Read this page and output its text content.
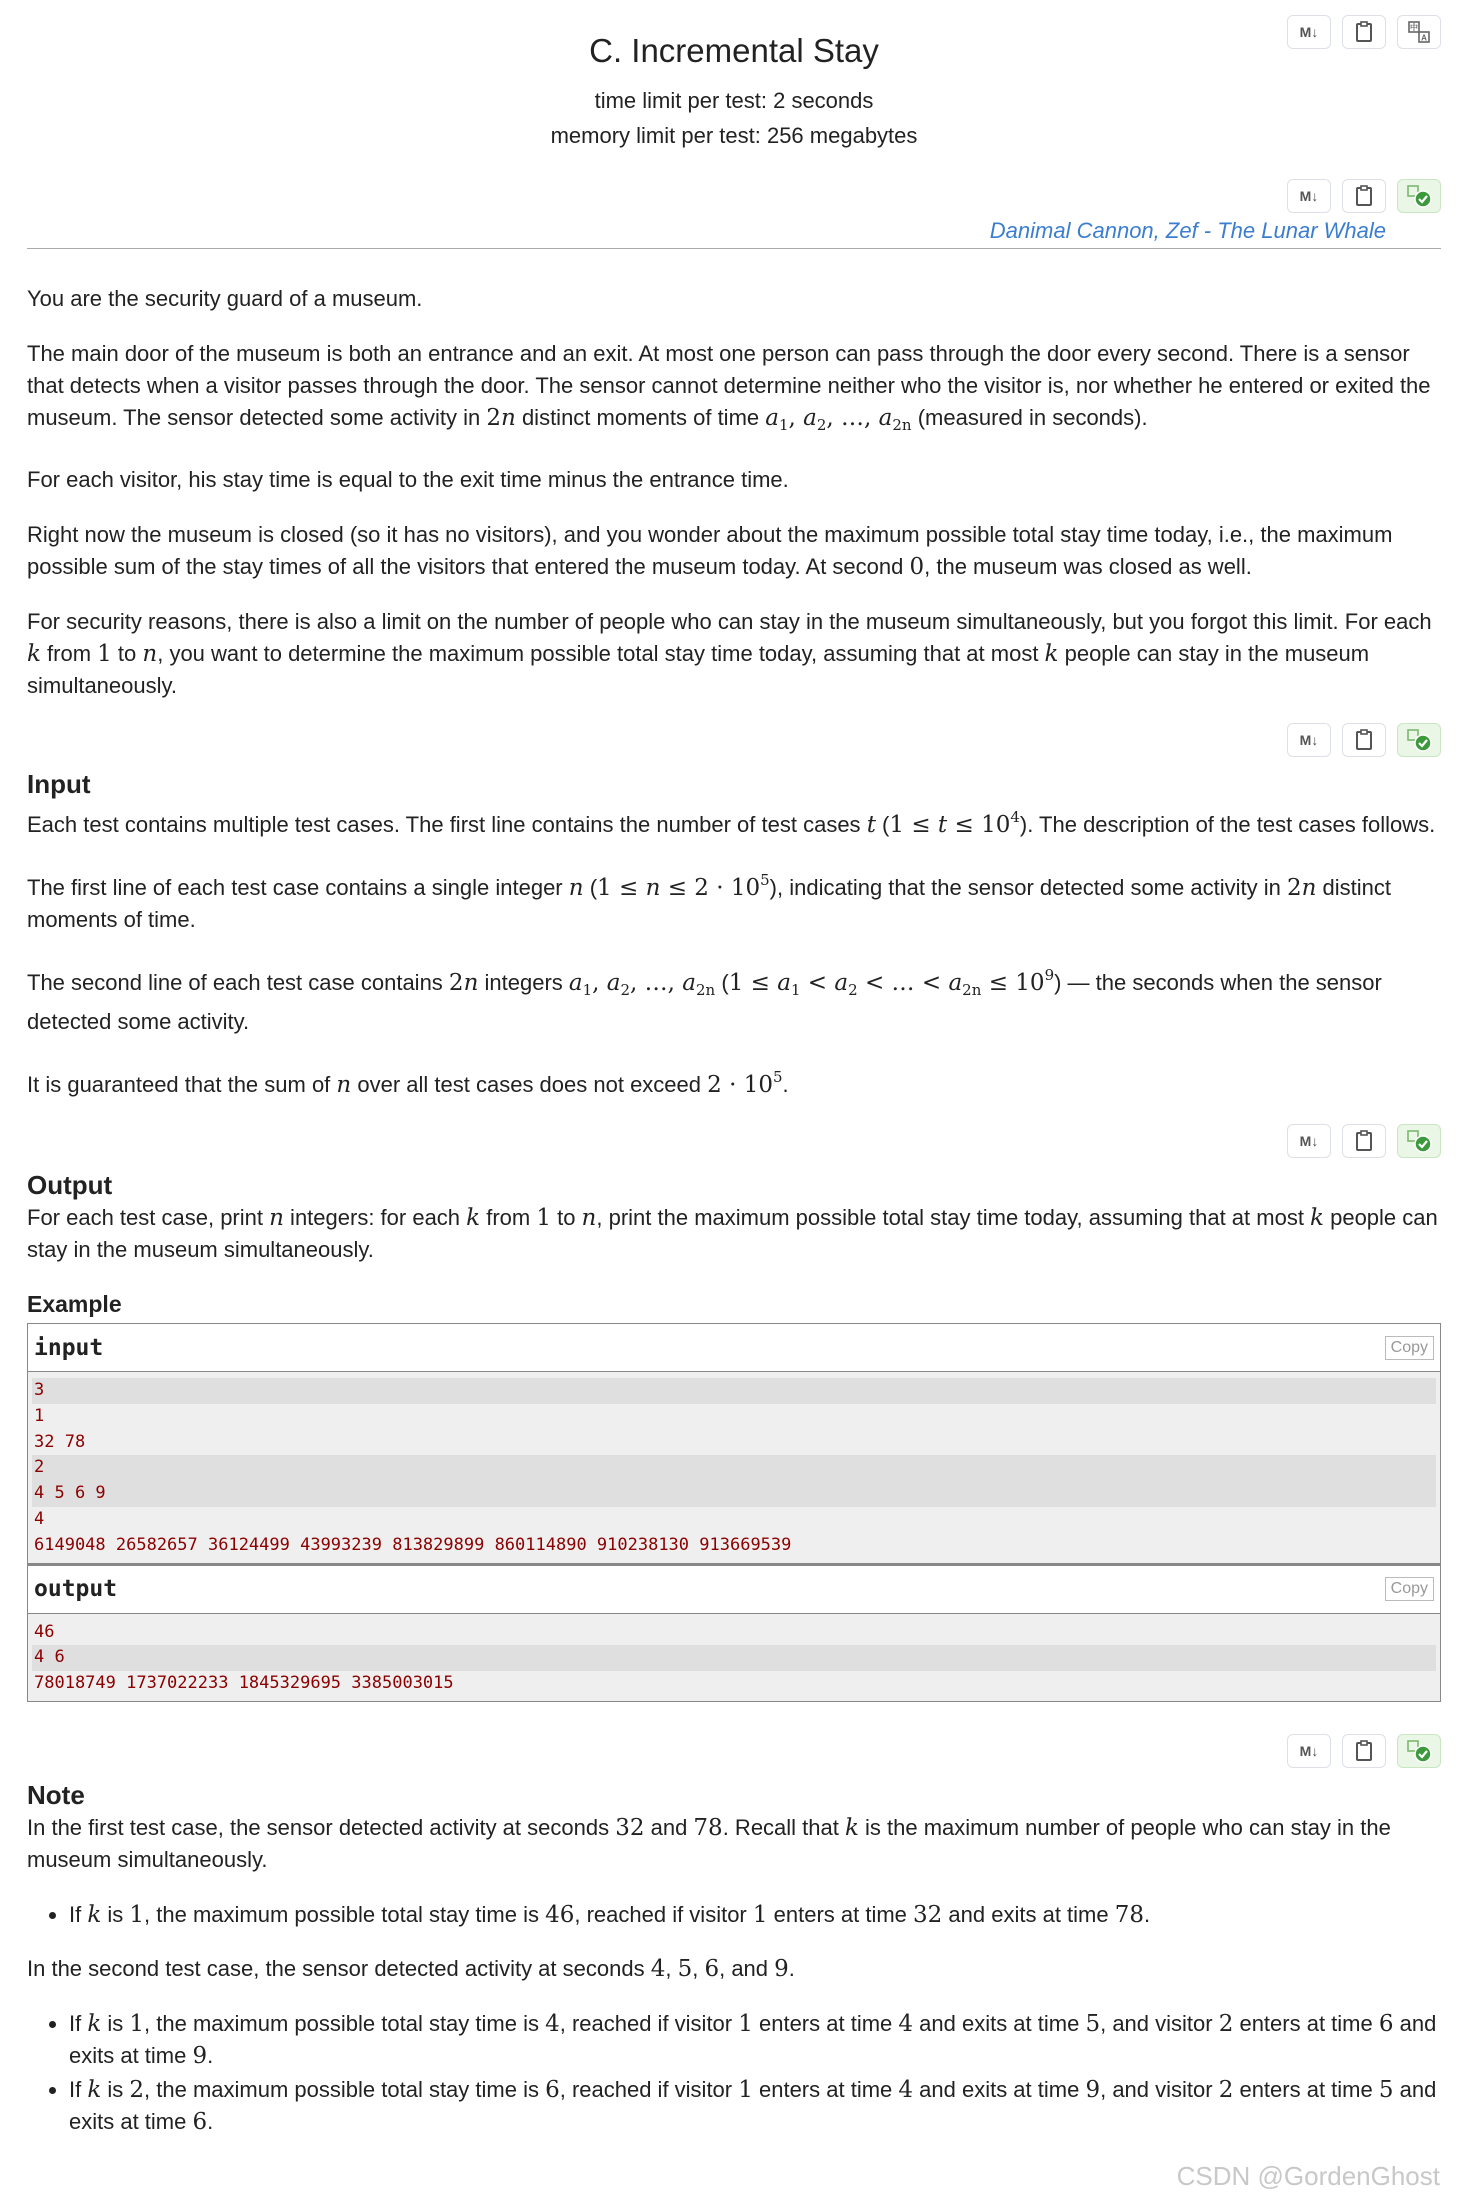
M↓	中
A
C. Incremental Stay
time limit per test: 2 seconds
memory limit per test: 256 megabytes
M↓
Danimal Cannon, Zef - The Lunar Whale

You are the security guard of a museum.

The main door of the museum is both an entrance and an exit. At most one person can pass through the door every second. There is a sensor that detects when a visitor passes through the door. The sensor cannot determine neither who the visitor is, nor whether he entered or exited the museum. The sensor detected some activity in 2n distinct moments of time $a_1$, $a_2$, …, $a_{2n}$ (measured in seconds).

For each visitor, his stay time is equal to the exit time minus the entrance time.

Right now the museum is closed (so it has no visitors), and you wonder about the maximum possible total stay time today, i.e., the maximum possible sum of the stay times of all the visitors that entered the museum today. At second 0, the museum was closed as well.

For security reasons, there is also a limit on the number of people who can stay in the museum simultaneously, but you forgot this limit. For each k from 1 to n, you want to determine the maximum possible total stay time today, assuming that at most k people can stay in the museum simultaneously.

M↓
Input

Each test contains multiple test cases. The first line contains the number of test cases t $(1 \le t \le 10^4)$. The description of the test cases follows.

The first line of each test case contains a single integer n $(1 \le n \le 2 \cdot 10^5)$, indicating that the sensor detected some activity in 2n distinct moments of time.

The second line of each test case contains 2n integers $a_1$, $a_2$, …, $a_{2n}$ ($1 \le a_1 < a_2$ < … < $a_{2n} \le 10^9$) — the seconds when the sensor detected some activity.

It is guaranteed that the sum of n over all test cases does not exceed $2 \cdot 10^5$.

M↓
Output

For each test case, print n integers: for each k from 1 to n, print the maximum possible total stay time today, assuming that at most k people can stay in the museum simultaneously.

Example
input	Copy
3
1
32 78
2
4 5 6 9
4
6149048 26582657 36124499 43993239 813829899 860114890 910238130 913669539
output	Copy
46
4 6
78018749 1737022233 1845329695 3385003015
M↓
Note

In the first test case, the sensor detected activity at seconds 32 and 78. Recall that k is the maximum number of people who can stay in the museum simultaneously.

• If k is 1, the maximum possible total stay time is 46, reached if visitor 1 enters at time 32 and exits at time 78.

In the second test case, the sensor detected activity at seconds 4, 5, 6, and 9.

• If k is 1, the maximum possible total stay time is 4, reached if visitor 1 enters at time 4 and exits at time 5, and visitor 2 enters at time 6 and exits at time 9.
• If k is 2, the maximum possible total stay time is 6, reached if visitor 1 enters at time 4 and exits at time 9, and visitor 2 enters at time 5 and exits at time 6.
CSDN @GordenGhost
